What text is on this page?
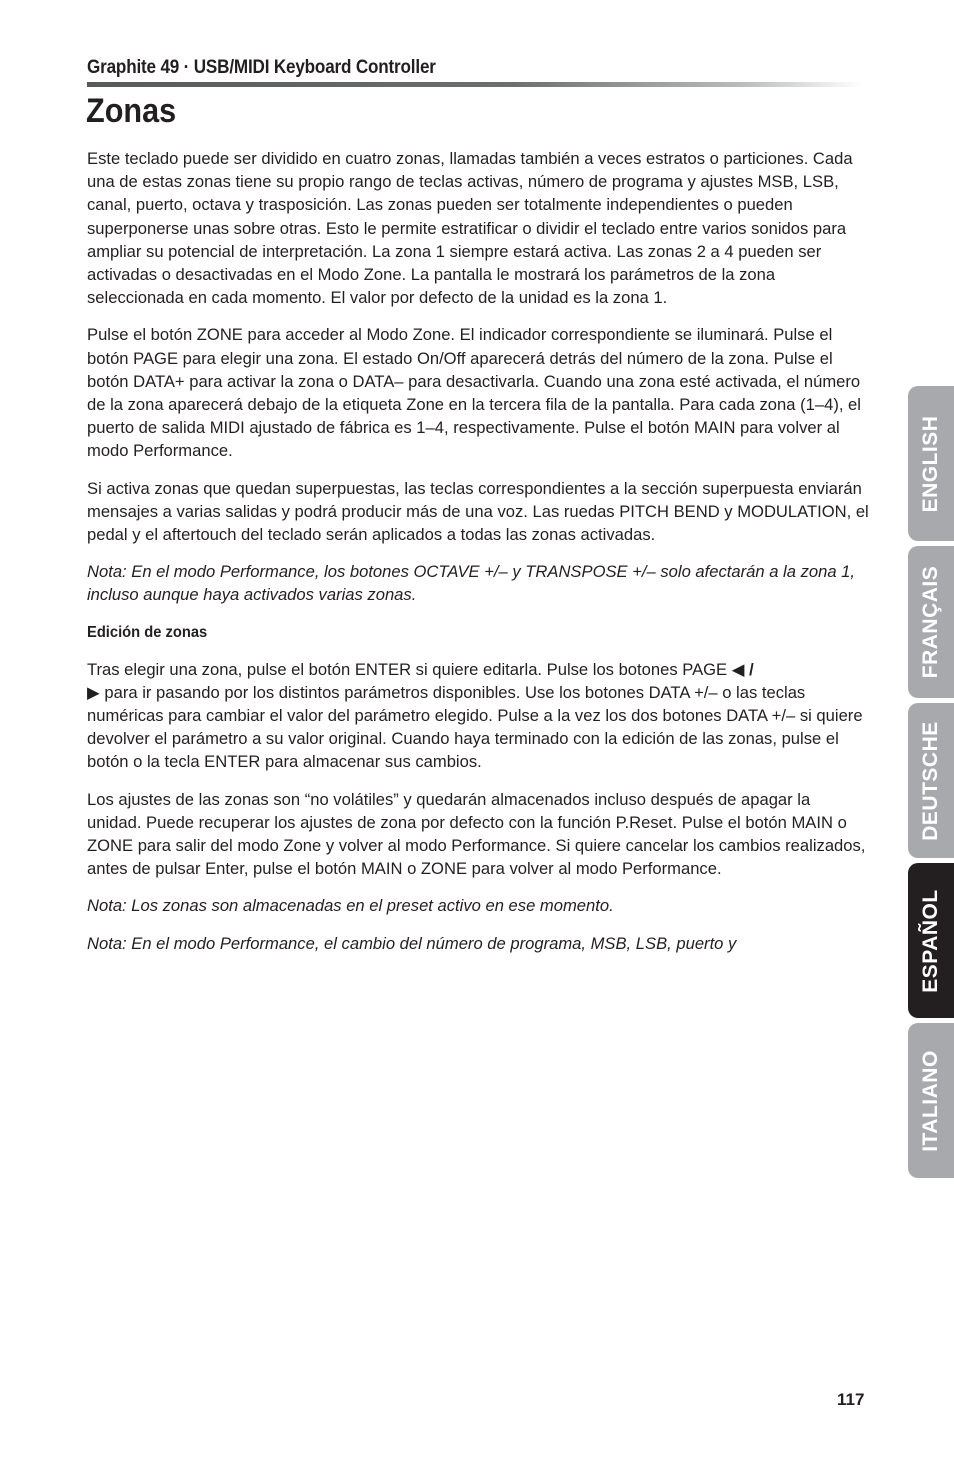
Graphite 49 · USB/MIDI Keyboard Controller
Zonas

Este teclado puede ser dividido en cuatro zonas, llamadas también a veces estratos o particiones. Cada una de estas zonas tiene su propio rango de teclas activas, número de programa y ajustes MSB, LSB, canal, puerto, octava y trasposición. Las zonas pueden ser totalmente independientes o pueden superponerse unas sobre otras. Esto le permite estratificar o dividir el teclado entre varios sonidos para ampliar su potencial de interpretación. La zona 1 siempre estará activa. Las zonas 2 a 4 pueden ser activadas o desactivadas en el Modo Zone. La pantalla le mostrará los parámetros de la zona seleccionada en cada momento. El valor por defecto de la unidad es la zona 1.

Pulse el botón ZONE para acceder al Modo Zone. El indicador correspondiente se iluminará. Pulse el botón PAGE para elegir una zona. El estado On/Off aparecerá detrás del número de la zona. Pulse el botón DATA+ para activar la zona o DATA– para desactivarla. Cuando una zona esté activada, el número de la zona aparecerá debajo de la etiqueta Zone en la tercera fila de la pantalla. Para cada zona (1–4), el puerto de salida MIDI ajustado de fábrica es 1–4, respectivamente. Pulse el botón MAIN para volver al modo Performance.

Si activa zonas que quedan superpuestas, las teclas correspondientes a la sección superpuesta enviarán mensajes a varias salidas y podrá producir más de una voz. Las ruedas PITCH BEND y MODULATION, el pedal y el aftertouch del teclado serán aplicados a todas las zonas activadas.

Nota: En el modo Performance, los botones OCTAVE +/– y TRANSPOSE +/– solo afectarán a la zona 1, incluso aunque haya activados varias zonas.

Edición de zonas

Tras elegir una zona, pulse el botón ENTER si quiere editarla. Pulse los botones PAGE ◀ /
▶ para ir pasando por los distintos parámetros disponibles. Use los botones DATA +/– o las teclas numéricas para cambiar el valor del parámetro elegido. Pulse a la vez los dos botones DATA +/– si quiere devolver el parámetro a su valor original. Cuando haya terminado con la edición de las zonas, pulse el botón o la tecla ENTER para almacenar sus cambios.

Los ajustes de las zonas son “no volátiles” y quedarán almacenados incluso después de apagar la unidad. Puede recuperar los ajustes de zona por defecto con la función P.Reset. Pulse el botón MAIN o ZONE para salir del modo Zone y volver al modo Performance. Si quiere cancelar los cambios realizados, antes de pulsar Enter, pulse el botón MAIN o ZONE para volver al modo Performance.

Nota: Los zonas son almacenadas en el preset activo en ese momento.

Nota: En el modo Performance, el cambio del número de programa, MSB, LSB, puerto y

ENGLISH
FRANÇAIS
DEUTSCHE
ESPAÑOL
ITALIANO
117
